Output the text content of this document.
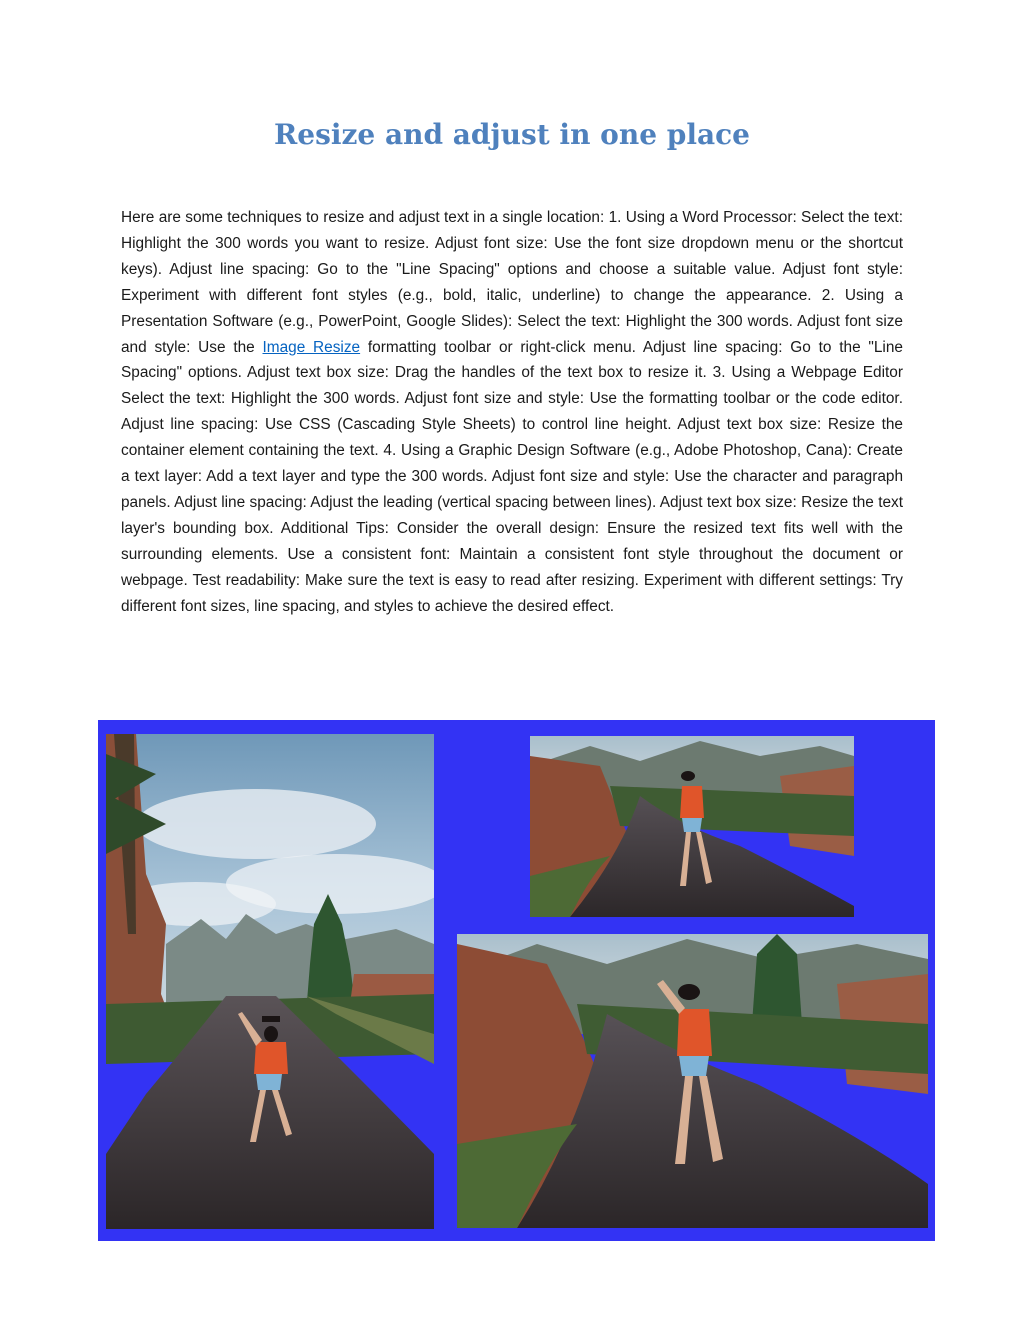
Resize and adjust in one place

Here are some techniques to resize and adjust text in a single location: 1. Using a Word Processor: Select the text: Highlight the 300 words you want to resize. Adjust font size: Use the font size dropdown menu or the shortcut keys). Adjust line spacing: Go to the "Line Spacing" options and choose a suitable value. Adjust font style: Experiment with different font styles (e.g., bold, italic, underline) to change the appearance. 2. Using a Presentation Software (e.g., PowerPoint, Google Slides): Select the text: Highlight the 300 words. Adjust font size and style: Use the Image Resize formatting toolbar or right-click menu. Adjust line spacing: Go to the "Line Spacing" options. Adjust text box size: Drag the handles of the text box to resize it. 3. Using a Webpage Editor Select the text: Highlight the 300 words. Adjust font size and style: Use the formatting toolbar or the code editor. Adjust line spacing: Use CSS (Cascading Style Sheets) to control line height. Adjust text box size: Resize the container element containing the text. 4. Using a Graphic Design Software (e.g., Adobe Photoshop, Cana): Create a text layer: Add a text layer and type the 300 words. Adjust font size and style: Use the character and paragraph panels. Adjust line spacing: Adjust the leading (vertical spacing between lines). Adjust text box size: Resize the text layer's bounding box. Additional Tips: Consider the overall design: Ensure the resized text fits well with the surrounding elements. Use a consistent font: Maintain a consistent font style throughout the document or webpage. Test readability: Make sure the text is easy to read after resizing. Experiment with different settings: Try different font sizes, line spacing, and styles to achieve the desired effect.
